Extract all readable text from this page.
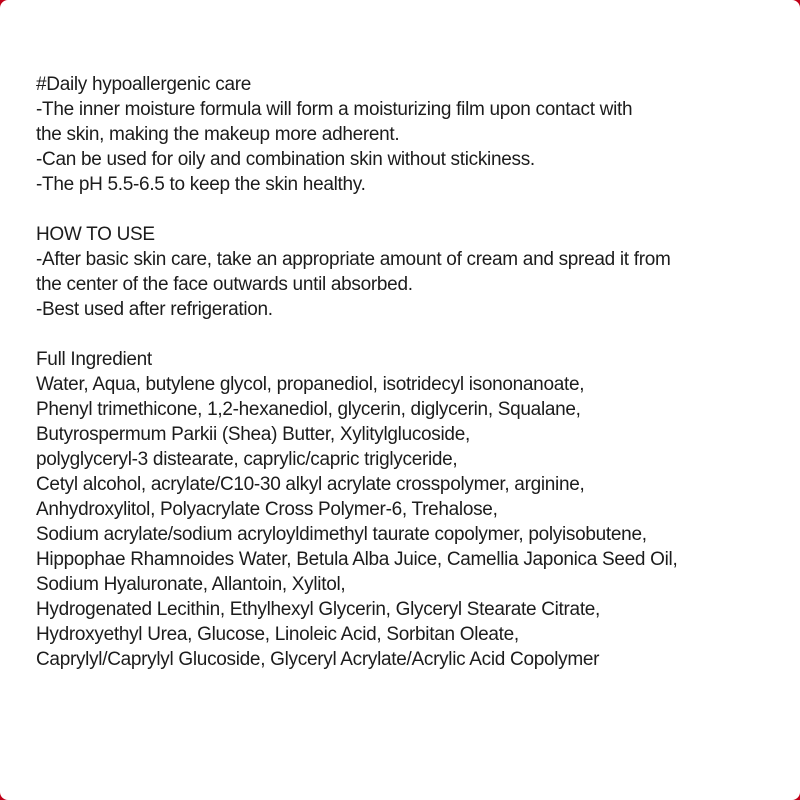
#Daily hypoallergenic care
-The inner moisture formula will form a moisturizing film upon contact with
the skin, making the makeup more adherent.
-Can be used for oily and combination skin without stickiness.
-The pH 5.5-6.5 to keep the skin healthy.
HOW TO USE
-After basic skin care, take an appropriate amount of cream and spread it from
the center of the face outwards until absorbed.
-Best used after refrigeration.
Full Ingredient
Water, Aqua, butylene glycol, propanediol, isotridecyl isononanoate,
Phenyl trimethicone, 1,2-hexanediol, glycerin, diglycerin, Squalane,
Butyrospermum Parkii (Shea) Butter, Xylitylglucoside,
polyglyceryl-3 distearate, caprylic/capric triglyceride,
Cetyl alcohol, acrylate/C10-30 alkyl acrylate crosspolymer, arginine,
Anhydroxylitol, Polyacrylate Cross Polymer-6, Trehalose,
Sodium acrylate/sodium acryloyldimethyl taurate copolymer, polyisobutene,
Hippophae Rhamnoides Water, Betula Alba Juice, Camellia Japonica Seed Oil,
Sodium Hyaluronate, Allantoin, Xylitol,
Hydrogenated Lecithin, Ethylhexyl Glycerin, Glyceryl Stearate Citrate,
Hydroxyethyl Urea, Glucose, Linoleic Acid, Sorbitan Oleate,
Caprylyl/Caprylyl Glucoside, Glyceryl Acrylate/Acrylic Acid Copolymer
